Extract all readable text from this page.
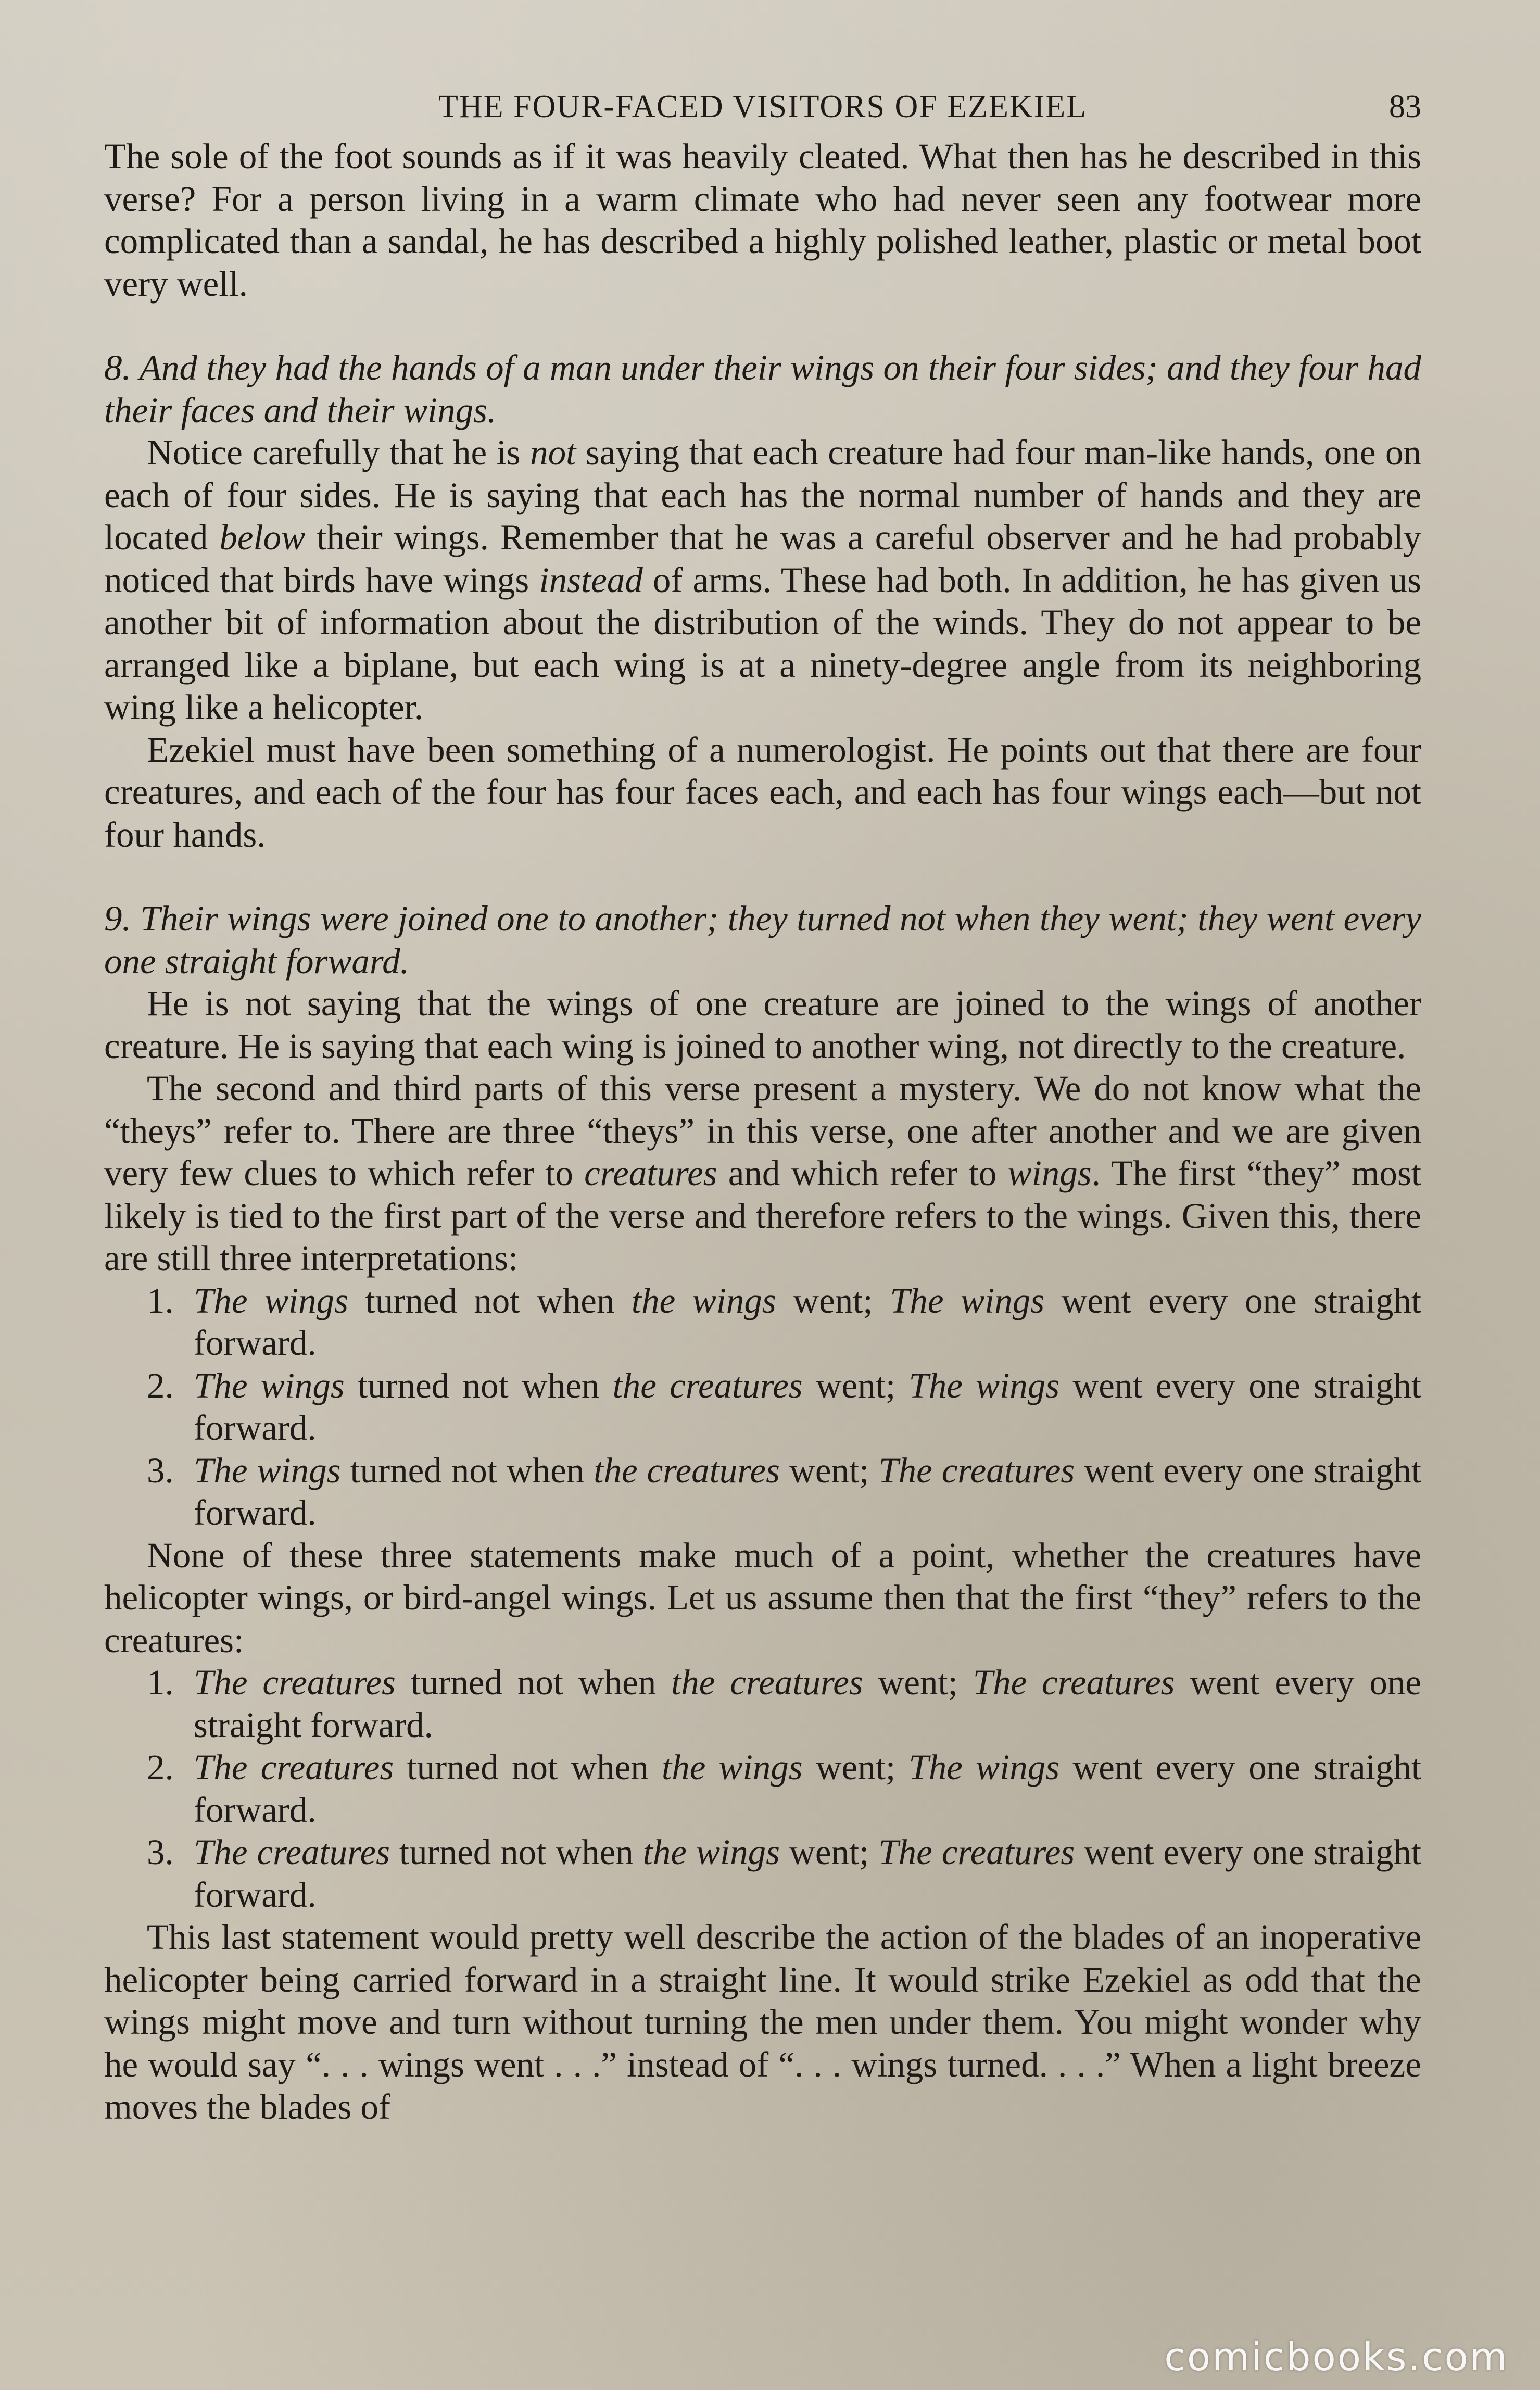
THE FOUR-FACED VISITORS OF EZEKIEL	83

The sole of the foot sounds as if it was heavily cleated. What then has he described in this verse? For a person living in a warm climate who had never seen any footwear more complicated than a sandal, he has described a highly polished leather, plastic or metal boot very well.

8. And they had the hands of a man under their wings on their four sides; and they four had their faces and their wings.

Notice carefully that he is not saying that each creature had four man-like hands, one on each of four sides. He is saying that each has the normal number of hands and they are located below their wings. Remember that he was a careful observer and he had probably noticed that birds have wings instead of arms. These had both. In addition, he has given us another bit of information about the distribution of the winds. They do not appear to be arranged like a biplane, but each wing is at a ninety-degree angle from its neighboring wing like a helicopter.

Ezekiel must have been something of a numerologist. He points out that there are four creatures, and each of the four has four faces each, and each has four wings each—but not four hands.

9. Their wings were joined one to another; they turned not when they went; they went every one straight forward.

He is not saying that the wings of one creature are joined to the wings of another creature. He is saying that each wing is joined to another wing, not directly to the creature.

The second and third parts of this verse present a mystery. We do not know what the “theys” refer to. There are three “theys” in this verse, one after another and we are given very few clues to which refer to creatures and which refer to wings. The first “they” most likely is tied to the first part of the verse and therefore refers to the wings. Given this, there are still three interpretations:

1. The wings turned not when the wings went; The wings went every one straight forward.
2. The wings turned not when the creatures went; The wings went every one straight forward.
3. The wings turned not when the creatures went; The creatures went every one straight forward.

None of these three statements make much of a point, whether the creatures have helicopter wings, or bird-angel wings. Let us assume then that the first “they” refers to the creatures:

1. The creatures turned not when the creatures went; The creatures went every one straight forward.
2. The creatures turned not when the wings went; The wings went every one straight forward.
3. The creatures turned not when the wings went; The creatures went every one straight forward.

This last statement would pretty well describe the action of the blades of an inoperative helicopter being carried forward in a straight line. It would strike Ezekiel as odd that the wings might move and turn without turning the men under them. You might wonder why he would say “. . . wings went . . .” instead of “. . . wings turned. . . .” When a light breeze moves the blades of

comicbooks.com
